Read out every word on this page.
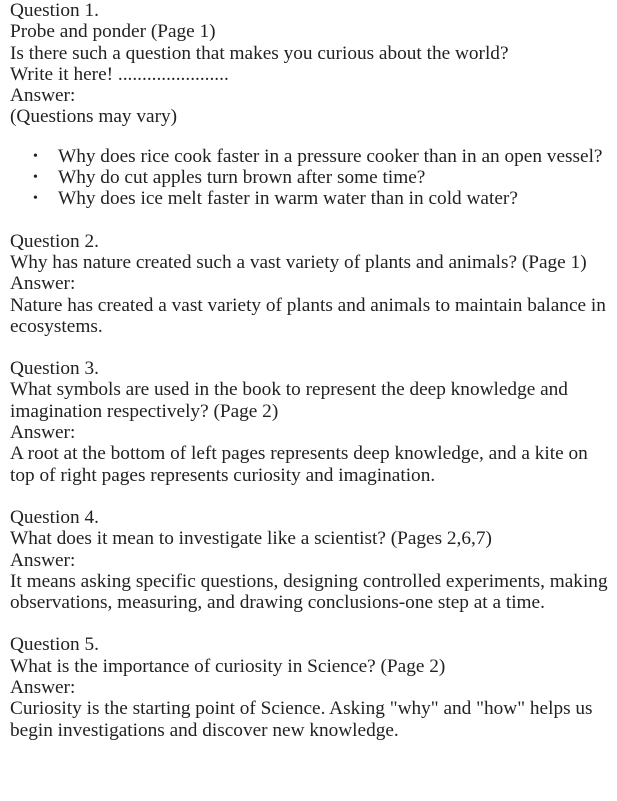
Question 1.

Probe and ponder (Page 1)

Is there such a question that makes you curious about the world?

Write it here! .......................

Answer:

(Questions may vary)

• Why does rice cook faster in a pressure cooker than in an open vessel?
• Why do cut apples turn brown after some time?
• Why does ice melt faster in warm water than in cold water?

Question 2.

Why has nature created such a vast variety of plants and animals? (Page 1)

Answer:

Nature has created a vast variety of plants and animals to maintain balance in ecosystems.

Question 3.

What symbols are used in the book to represent the deep knowledge and imagination respectively? (Page 2)

Answer:

A root at the bottom of left pages represents deep knowledge, and a kite on top of right pages represents curiosity and imagination.

Question 4.

What does it mean to investigate like a scientist? (Pages 2,6,7)

Answer:

It means asking specific questions, designing controlled experiments, making observations, measuring, and drawing conclusions-one step at a time.

Question 5.

What is the importance of curiosity in Science? (Page 2)

Answer:

Curiosity is the starting point of Science. Asking "why" and "how" helps us begin investigations and discover new knowledge.
